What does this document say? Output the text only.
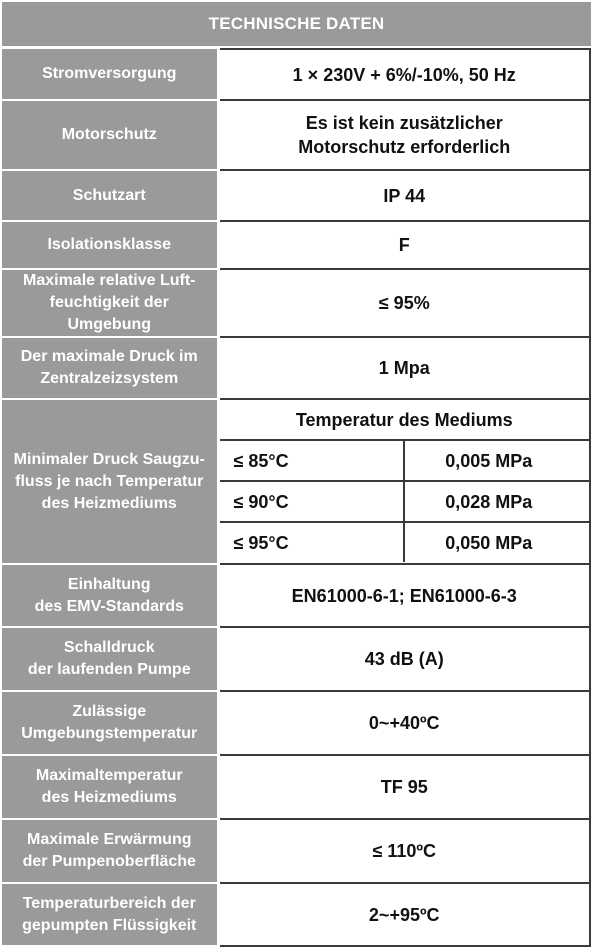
TECHNISCHE DATEN
Stromversorgung	1 × 230V + 6%/-10%, 50 Hz
Motorschutz	Es ist kein zusätzlicher
Motorschutz erforderlich
Schutzart	IP 44
Isolationsklasse	F
Maximale relative Luft-
feuchtigkeit der Umgebung	≤ 95%
Der maximale Druck im
Zentralzeizsystem	1 Mpa
Minimaler Druck Saugzu-
fluss je nach Temperatur
des Heizmediums	
Temperatur des Mediums
≤ 85°C	0,005 MPa
≤ 90°C	0,028 MPa
≤ 95°C	0,050 MPa

Einhaltung
des EMV-Standards	EN61000-6-1; EN61000-6-3
Schalldruck
der laufenden Pumpe	43 dB (A)
Zulässige
Umgebungstemperatur	0~+40ºC
Maximaltemperatur
des Heizmediums	TF 95
Maximale Erwärmung
der Pumpenoberfläche	≤ 110ºC
Temperaturbereich der
gepumpten Flüssigkeit	2~+95ºC
